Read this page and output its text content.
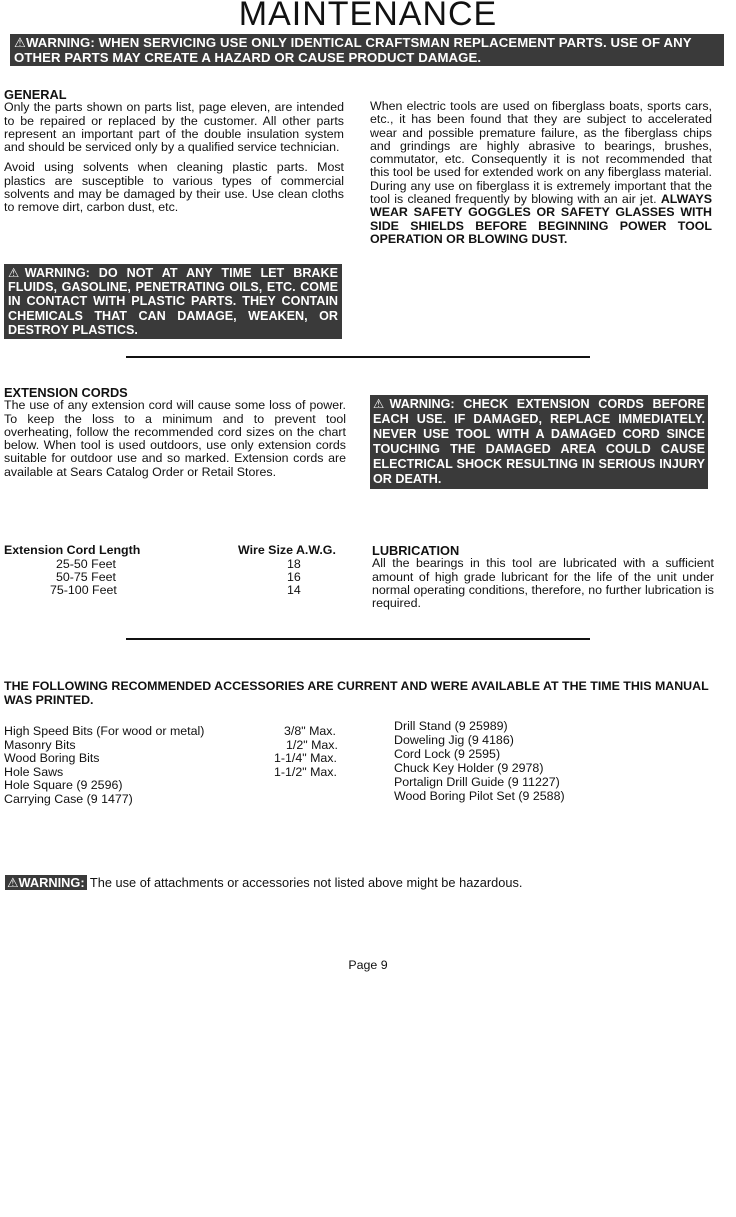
MAINTENANCE
⚠WARNING: WHEN SERVICING USE ONLY IDENTICAL CRAFTSMAN REPLACEMENT PARTS. USE OF ANY OTHER PARTS MAY CREATE A HAZARD OR CAUSE PRODUCT DAMAGE.
GENERAL

Only the parts shown on parts list, page eleven, are intended to be repaired or replaced by the customer. All other parts represent an important part of the double insulation system and should be serviced only by a qualified service technician.

Avoid using solvents when cleaning plastic parts. Most plastics are susceptible to various types of commercial solvents and may be damaged by their use. Use clean cloths to remove dirt, carbon dust, etc.

⚠WARNING: DO NOT AT ANY TIME LET BRAKE FLUIDS, GASOLINE, PENETRATING OILS, ETC. COME IN CONTACT WITH PLASTIC PARTS. THEY CONTAIN CHEMICALS THAT CAN DAMAGE, WEAKEN, OR DESTROY PLASTICS.
When electric tools are used on fiberglass boats, sports cars, etc., it has been found that they are subject to accelerated wear and possible premature failure, as the fiberglass chips and grindings are highly abrasive to bearings, brushes, commutator, etc. Consequently it is not recommended that this tool be used for extended work on any fiberglass material. During any use on fiberglass it is extremely important that the tool is cleaned frequently by blowing with an air jet. ALWAYS WEAR SAFETY GOGGLES OR SAFETY GLASSES WITH SIDE SHIELDS BEFORE BEGINNING POWER TOOL OPERATION OR BLOWING DUST.
EXTENSION CORDS
The use of any extension cord will cause some loss of power. To keep the loss to a minimum and to prevent tool overheating, follow the recommended cord sizes on the chart below. When tool is used outdoors, use only extension cords suitable for outdoor use and so marked. Extension cords are available at Sears Catalog Order or Retail Stores.
⚠WARNING: CHECK EXTENSION CORDS BEFORE EACH USE. IF DAMAGED, REPLACE IMMEDIATELY. NEVER USE TOOL WITH A DAMAGED CORD SINCE TOUCHING THE DAMAGED AREA COULD CAUSE ELECTRICAL SHOCK RESULTING IN SERIOUS INJURY OR DEATH.
Extension Cord Length	Wire Size A.W.G.
25-50 Feet	18
50-75 Feet	16
75-100 Feet	14
LUBRICATION
All the bearings in this tool are lubricated with a sufficient amount of high grade lubricant for the life of the unit under normal operating conditions, therefore, no further lubrication is required.
THE FOLLOWING RECOMMENDED ACCESSORIES ARE CURRENT AND WERE AVAILABLE AT THE TIME THIS MANUAL WAS PRINTED.
High Speed Bits (For wood or metal)	3/8" Max.
Masonry Bits	1/2" Max.
Wood Boring Bits	1-1/4" Max.
Hole Saws	1-1/2" Max.
Hole Square (9 2596)
Carrying Case (9 1477)
Drill Stand (9 25989)
Doweling Jig (9 4186)
Cord Lock (9 2595)
Chuck Key Holder (9 2978)
Portalign Drill Guide (9 11227)
Wood Boring Pilot Set (9 2588)
⚠WARNING: The use of attachments or accessories not listed above might be hazardous.
Page 9
